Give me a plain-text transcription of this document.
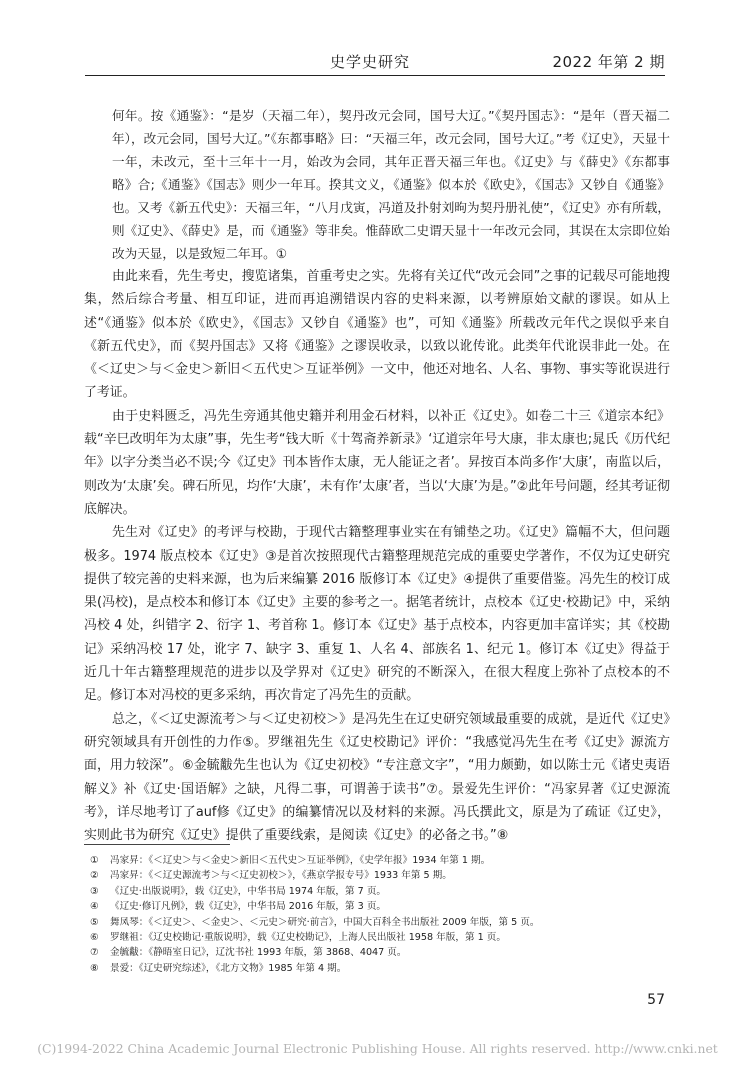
史学史研究	2022 年第 2 期

何年。按《通鉴》：“是岁（天福二年），契丹改元会同，国号大辽。”《契丹国志》：“是年（晋天福二年），改元会同，国号大辽。”《东都事略》曰：“天福三年，改元会同，国号大辽。”考《辽史》，天显十一年，未改元，至十三年十一月，始改为会同，其年正晋天福三年也。《辽史》与《薛史》《东都事略》合;《通鉴》《国志》则少一年耳。揆其文义，《通鉴》似本於《欧史》，《国志》又钞自《通鉴》也。又考《新五代史》：天福三年，“八月戊寅，冯道及扑射刘昫为契丹册礼使”，《辽史》亦有所载，则《辽史》、《薛史》是，而《通鉴》等非矣。惟薛欧二史谓天显十一年改元会同，其误在太宗即位始改为天显，以是致短二年耳。①

由此来看，先生考史，搜览诸集，首重考史之实。先将有关辽代“改元会同”之事的记载尽可能地搜集，然后综合考量、相互印证，进而再追溯错误内容的史料来源，以考辨原始文献的谬误。如从上述“《通鉴》似本於《欧史》，《国志》又钞自《通鉴》也”，可知《通鉴》所载改元年代之误似乎来自《新五代史》，而《契丹国志》又将《通鉴》之谬误收录，以致以讹传讹。此类年代讹误非此一处。在《＜辽史＞与＜金史＞新旧＜五代史＞互证举例》一文中，他还对地名、人名、事物、事实等讹误进行了考证。

由于史料匮乏，冯先生旁通其他史籍并利用金石材料，以补正《辽史》。如卷二十三《道宗本纪》载“辛巳改明年为太康”事，先生考“钱大昕《十驾斋养新录》‘辽道宗年号大康，非太康也;晁氏《历代纪年》以字分类当必不误;今《辽史》刊本皆作太康，无人能证之者’。昇按百本尚多作‘大康’，南监以后，则改为‘太康’矣。碑石所见，均作‘大康’，未有作‘太康’者，当以‘大康’为是。”②此年号问题，经其考证彻底解决。

先生对《辽史》的考评与校勘，于现代古籍整理事业实在有铺垫之功。《辽史》篇幅不大，但问题极多。1974 版点校本《辽史》③是首次按照现代古籍整理规范完成的重要史学著作，不仅为辽史研究提供了较完善的史料来源，也为后来编纂 2016 版修订本《辽史》④提供了重要借鉴。冯先生的校订成果(冯校)，是点校本和修订本《辽史》主要的参考之一。据笔者统计，点校本《辽史·校勘记》中，采纳冯校 4 处，纠错字 2、衍字 1、考首称 1。修订本《辽史》基于点校本，内容更加丰富详实；其《校勘记》采纳冯校 17 处，讹字 7、缺字 3、重复 1、人名 4、部族名 1、纪元 1。修订本《辽史》得益于近几十年古籍整理规范的进步以及学界对《辽史》研究的不断深入，在很大程度上弥补了点校本的不足。修订本对冯校的更多采纳，再次肯定了冯先生的贡献。

总之，《＜辽史源流考＞与＜辽史初校＞》是冯先生在辽史研究领域最重要的成就，是近代《辽史》研究领域具有开创性的力作⑤。罗继祖先生《辽史校勘记》评价：“我感觉冯先生在考《辽史》源流方面，用力较深”。⑥金毓黻先生也认为《辽史初校》“专注意文字”，“用力颇勤，如以陈士元《诸史夷语解义》补《辽史·国语解》之缺，凡得二事，可谓善于读书”⑦。景爱先生评价：“冯家昇著《辽史源流考》，详尽地考订了auf修《辽史》的编纂情况以及材料的来源。冯氏撰此文，原是为了疏证《辽史》，实则此书为研究《辽史》提供了重要线索，是阅读《辽史》的必备之书。”⑧

① 冯家昇：《＜辽史＞与＜金史＞新旧＜五代史＞互证举例》，《史学年报》1934 年第 1 期。
② 冯家昇：《＜辽史源流考＞与＜辽史初校＞》，《燕京学报专号》1933 年第 5 期。
③ 《辽史·出版说明》，载《辽史》，中华书局 1974 年版，第 7 页。
④ 《辽史·修订凡例》，载《辽史》，中华书局 2016 年版，第 3 页。
⑤ 舞凤琴：《＜辽史＞、＜金史＞、＜元史＞研究·前言》，中国大百科全书出版社 2009 年版，第 5 页。
⑥ 罗继祖：《辽史校勘记·重版说明》，载《辽史校勘记》，上海人民出版社 1958 年版，第 1 页。
⑦ 金毓黻：《静晤室日记》，辽沈书社 1993 年版，第 3868、4047 页。
⑧ 景爱：《辽史研究综述》，《北方文物》1985 年第 4 期。
57
(C)1994-2022 China Academic Journal Electronic Publishing House. All rights reserved. http://www.cnki.net
